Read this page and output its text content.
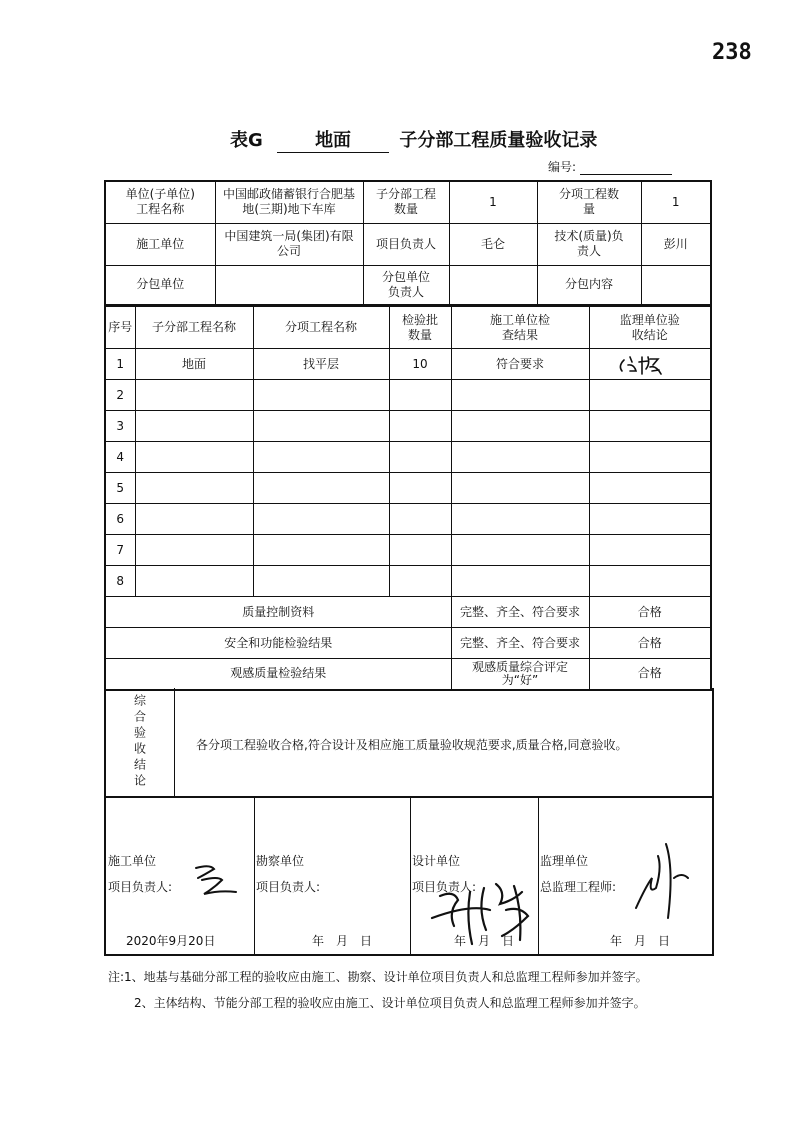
238
表G	地面	子分部工程质量验收记录
编号:
单位(子单位)工程名称	中国邮政储蓄银行合肥基地(三期)地下车库	子分部工程数量	1	分项工程数量	1
施工单位	中国建筑一局(集团)有限公司	项目负责人	毛仑	技术(质量)负责人	彭川
分包单位		分包单位负责人		分包内容	
序号	子分部工程名称	分项工程名称	检验批数量	施工单位检查结果	监理单位验收结论
1	地面	找平层	10	符合要求	

2					
3					
4					
5					
6					
7					
8					
质量控制资料				完整、齐全、符合要求	合格
安全和功能检验结果				完整、齐全、符合要求	合格
观感质量检验结果				观感质量综合评定为“好”	合格
综合验收结论	各分项工程验收合格,符合设计及相应施工质量验收规范要求,质量合格,同意验收。
施工单位
项目负责人:
2020年9月20日
勘察单位
项目负责人:
年　月　日
设计单位
项目负责人:
年　月　日
监理单位
总监理工程师:
年　月　日
注:1、地基与基础分部工程的验收应由施工、勘察、设计单位项目负责人和总监理工程师参加并签字。
2、主体结构、节能分部工程的验收应由施工、设计单位项目负责人和总监理工程师参加并签字。
